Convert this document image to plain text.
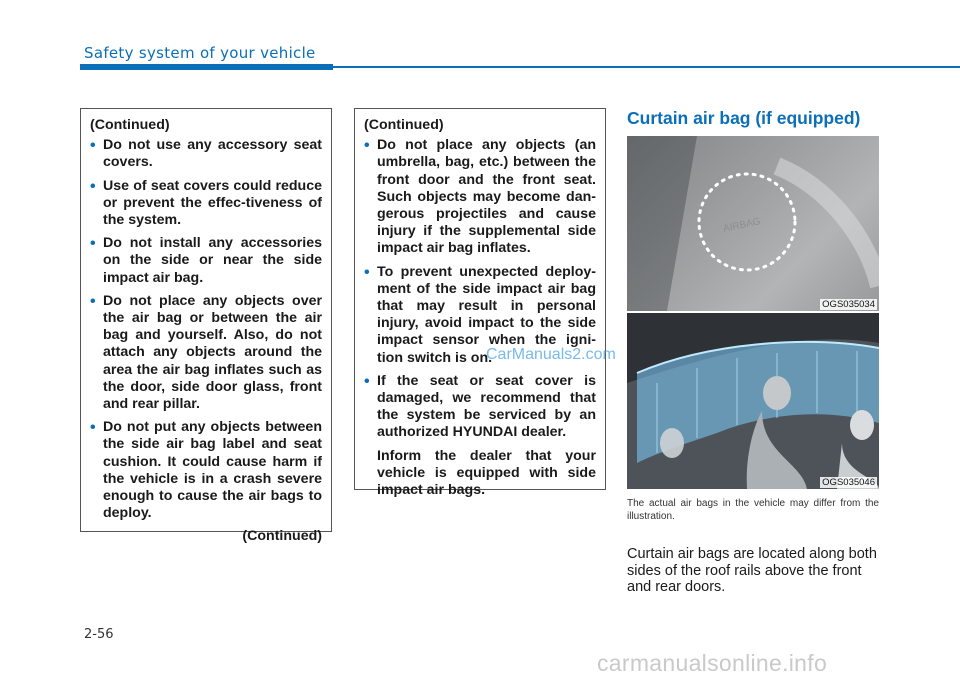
Safety system of your vehicle
(Continued)
• Do not use any accessory seat covers.
• Use of seat covers could reduce or prevent the effec-tiveness of the system.
• Do not install any accessories on the side or near the side impact air bag.
• Do not place any objects over the air bag or between the air bag and yourself. Also, do not attach any objects around the area the air bag inflates such as the door, side door glass, front and rear pillar.
• Do not put any objects between the side air bag label and seat cushion. It could cause harm if the vehicle is in a crash severe enough to cause the air bags to deploy.
(Continued)
(Continued)
• Do not place any objects (an umbrella, bag, etc.) between the front door and the front seat. Such objects may become dan-gerous projectiles and cause injury if the supplemental side impact air bag inflates.
• To prevent unexpected deploy-ment of the side impact air bag that may result in personal injury, avoid impact to the side impact sensor when the igni-tion switch is on.
• If the seat or seat cover is damaged, we recommend that the system be serviced by an authorized HYUNDAI dealer.
Inform the dealer that your vehicle is equipped with side impact air bags.
Curtain air bag (if equipped)
AIRBAG
OGS035034
OGS035046
The actual air bags in the vehicle may differ from the illustration.
Curtain air bags are located along both sides of the roof rails above the front and rear doors.
2-56
CarManuals2.com
carmanualsonline.info
